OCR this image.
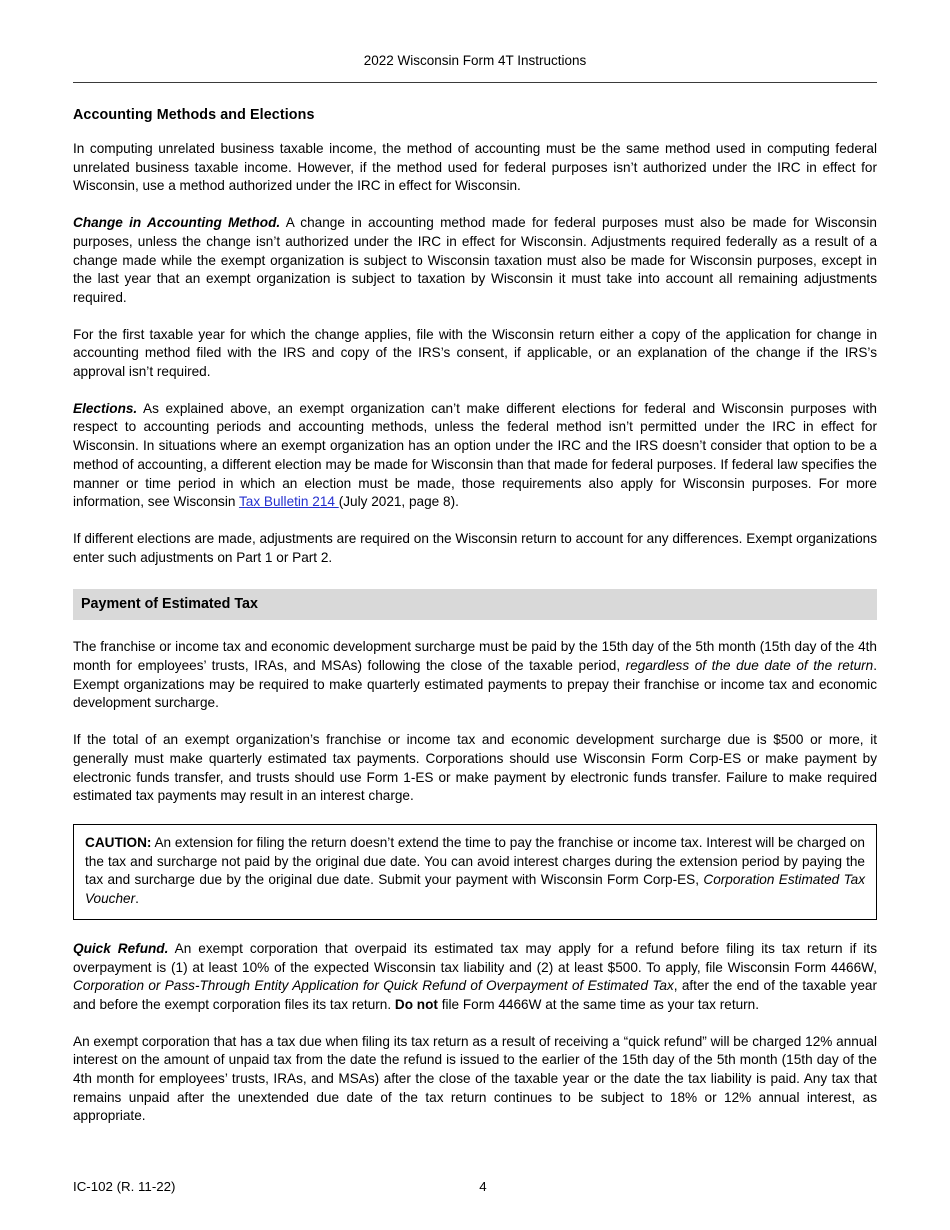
2022 Wisconsin Form 4T Instructions
Accounting Methods and Elections

In computing unrelated business taxable income, the method of accounting must be the same method used in computing federal unrelated business taxable income. However, if the method used for federal purposes isn’t authorized under the IRC in effect for Wisconsin, use a method authorized under the IRC in effect for Wisconsin.

Change in Accounting Method. A change in accounting method made for federal purposes must also be made for Wisconsin purposes, unless the change isn’t authorized under the IRC in effect for Wisconsin. Adjustments required federally as a result of a change made while the exempt organization is subject to Wisconsin taxation must also be made for Wisconsin purposes, except in the last year that an exempt organization is subject to taxation by Wisconsin it must take into account all remaining adjustments required.

For the first taxable year for which the change applies, file with the Wisconsin return either a copy of the application for change in accounting method filed with the IRS and copy of the IRS’s consent, if applicable, or an explanation of the change if the IRS’s approval isn’t required.

Elections. As explained above, an exempt organization can’t make different elections for federal and Wisconsin purposes with respect to accounting periods and accounting methods, unless the federal method isn’t permitted under the IRC in effect for Wisconsin. In situations where an exempt organization has an option under the IRC and the IRS doesn’t consider that option to be a method of accounting, a different election may be made for Wisconsin than that made for federal purposes. If federal law specifies the manner or time period in which an election must be made, those requirements also apply for Wisconsin purposes. For more information, see Wisconsin Tax Bulletin 214 (July 2021, page 8).

If different elections are made, adjustments are required on the Wisconsin return to account for any differences. Exempt organizations enter such adjustments on Part 1 or Part 2.

Payment of Estimated Tax

The franchise or income tax and economic development surcharge must be paid by the 15th day of the 5th month (15th day of the 4th month for employees’ trusts, IRAs, and MSAs) following the close of the taxable period, regardless of the due date of the return. Exempt organizations may be required to make quarterly estimated payments to prepay their franchise or income tax and economic development surcharge.

If the total of an exempt organization’s franchise or income tax and economic development surcharge due is $500 or more, it generally must make quarterly estimated tax payments. Corporations should use Wisconsin Form Corp-ES or make payment by electronic funds transfer, and trusts should use Form 1-ES or make payment by electronic funds transfer. Failure to make required estimated tax payments may result in an interest charge.

CAUTION: An extension for filing the return doesn’t extend the time to pay the franchise or income tax. Interest will be charged on the tax and surcharge not paid by the original due date. You can avoid interest charges during the extension period by paying the tax and surcharge due by the original due date. Submit your payment with Wisconsin Form Corp-ES, Corporation Estimated Tax Voucher.

Quick Refund. An exempt corporation that overpaid its estimated tax may apply for a refund before filing its tax return if its overpayment is (1) at least 10% of the expected Wisconsin tax liability and (2) at least $500. To apply, file Wisconsin Form 4466W, Corporation or Pass-Through Entity Application for Quick Refund of Overpayment of Estimated Tax, after the end of the taxable year and before the exempt corporation files its tax return. Do not file Form 4466W at the same time as your tax return.

An exempt corporation that has a tax due when filing its tax return as a result of receiving a “quick refund” will be charged 12% annual interest on the amount of unpaid tax from the date the refund is issued to the earlier of the 15th day of the 5th month (15th day of the 4th month for employees’ trusts, IRAs, and MSAs) after the close of the taxable year or the date the tax liability is paid. Any tax that remains unpaid after the unextended due date of the tax return continues to be subject to 18% or 12% annual interest, as appropriate.

IC-102 (R. 11-22)	4
